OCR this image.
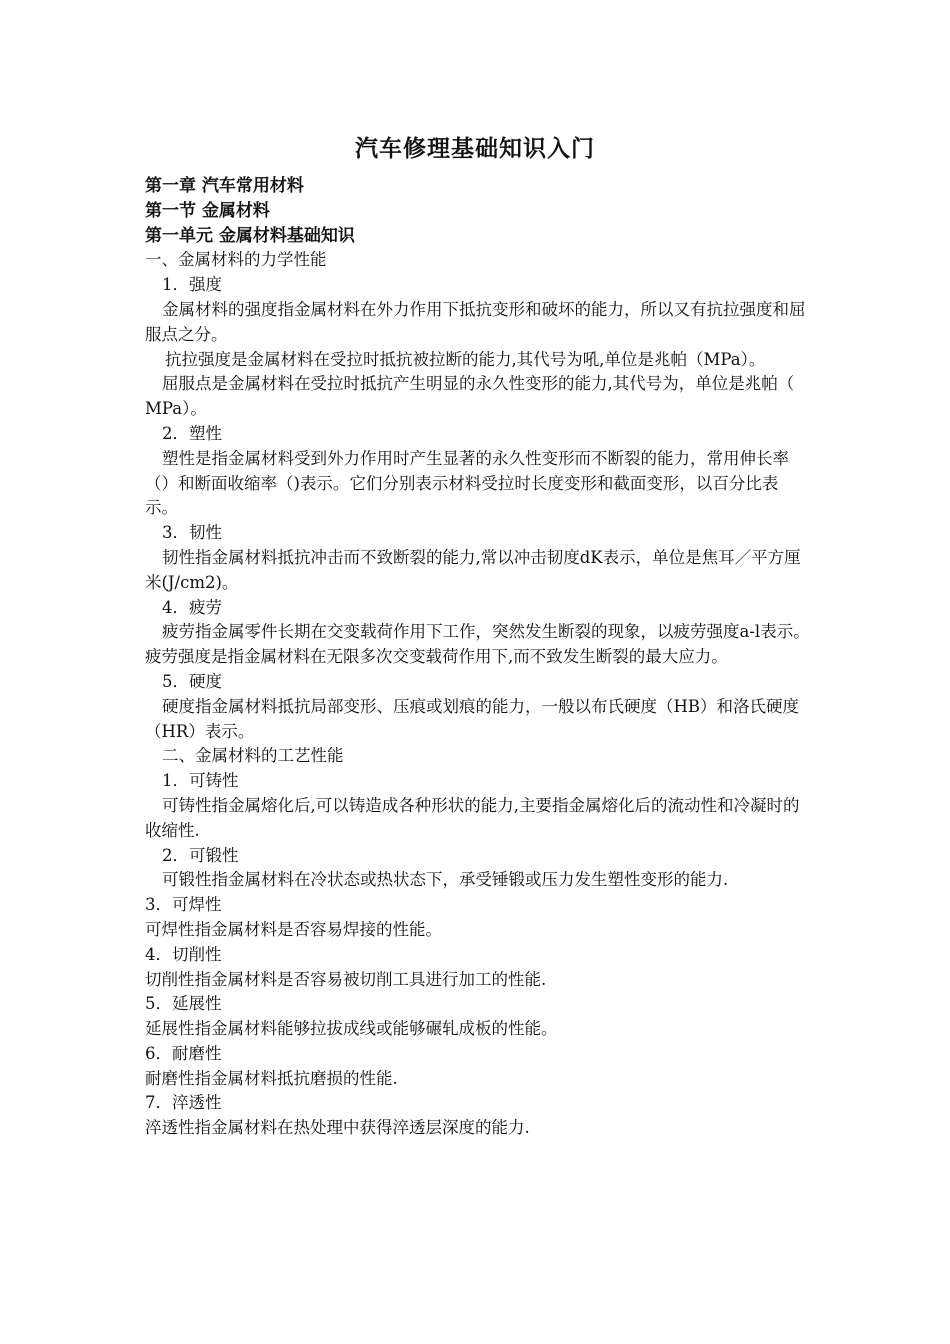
汽车修理基础知识入门
第一章 汽车常用材料
第一节 金属材料
第一单元 金属材料基础知识
一、金属材料的力学性能
1．强度
金属材料的强度指金属材料在外力作用下抵抗变形和破坏的能力，所以又有抗拉强度和屈服点之分。
抗拉强度是金属材料在受拉时抵抗被拉断的能力,其代号为吼,单位是兆帕（MPa）。
屈服点是金属材料在受拉时抵抗产生明显的永久性变形的能力,其代号为，单位是兆帕（ MPa）。
2．塑性
塑性是指金属材料受到外力作用时产生显著的永久性变形而不断裂的能力，常用伸长率（）和断面收缩率（)表示。它们分别表示材料受拉时长度变形和截面变形，以百分比表示。
3．韧性
韧性指金属材料抵抗冲击而不致断裂的能力,常以冲击韧度dK表示，单位是焦耳／平方厘米(J/cm2)。
4．疲劳
疲劳指金属零件长期在交变载荷作用下工作，突然发生断裂的现象，以疲劳强度a-l表示。疲劳强度是指金属材料在无限多次交变载荷作用下,而不致发生断裂的最大应力。
5．硬度
硬度指金属材料抵抗局部变形、压痕或划痕的能力，一般以布氏硬度（HB）和洛氏硬度（HR）表示。
二、金属材料的工艺性能
1．可铸性
可铸性指金属熔化后,可以铸造成各种形状的能力,主要指金属熔化后的流动性和冷凝时的收缩性.
2．可锻性
可锻性指金属材料在冷状态或热状态下，承受锤锻或压力发生塑性变形的能力.
3．可焊性
可焊性指金属材料是否容易焊接的性能。
4．切削性
切削性指金属材料是否容易被切削工具进行加工的性能.
5．延展性
延展性指金属材料能够拉拔成线或能够碾轧成板的性能。
6．耐磨性
耐磨性指金属材料抵抗磨损的性能.
7．淬透性
淬透性指金属材料在热处理中获得淬透层深度的能力.
